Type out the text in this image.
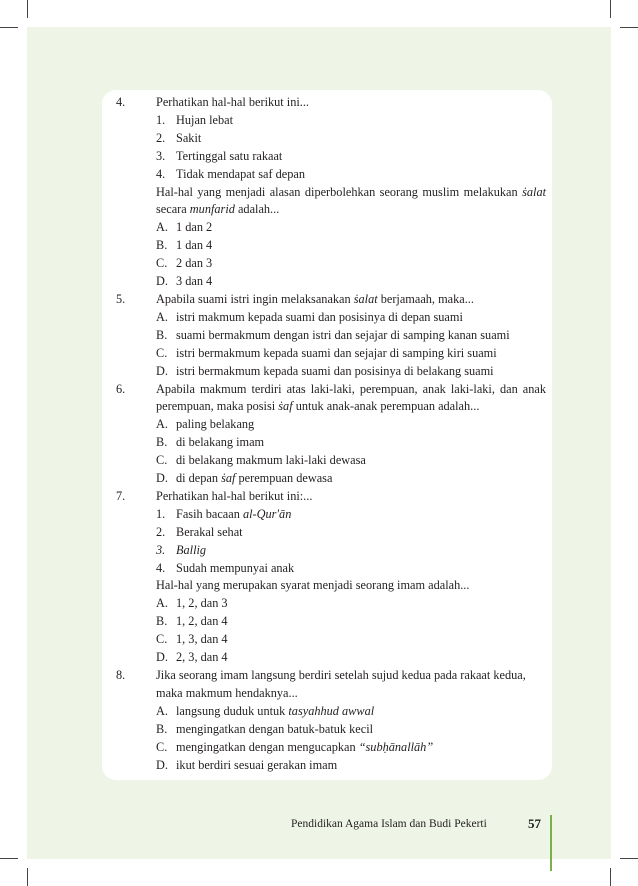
4.	Perhatikan hal-hal berikut ini...
1. Hujan lebat
2. Sakit
3. Tertinggal satu rakaat
4. Tidak mendapat saf depan
Hal-hal yang menjadi alasan diperbolehkan seorang muslim melakukan ṡalat secara munfarid adalah...
A. 1 dan 2
B. 1 dan 4
C. 2 dan 3
D. 3 dan 4
5.	Apabila suami istri ingin melaksanakan ṡalat berjamaah, maka...
A. istri makmum kepada suami dan posisinya di depan suami
B. suami bermakmum dengan istri dan sejajar di samping kanan suami
C. istri bermakmum kepada suami dan sejajar di samping kiri suami
D. istri bermakmum kepada suami dan posisinya di belakang suami
6.	Apabila makmum terdiri atas laki-laki, perempuan, anak laki-laki, dan anak perempuan, maka posisi ṡaf untuk anak-anak perempuan adalah...
A. paling belakang
B. di belakang imam
C. di belakang makmum laki-laki dewasa
D. di depan ṡaf perempuan dewasa
7.	Perhatikan hal-hal berikut ini:...
1. Fasih bacaan al-Qur'ān
2. Berakal sehat
3. Ballig
4. Sudah mempunyai anak
Hal-hal yang merupakan syarat menjadi seorang imam adalah...
A. 1, 2, dan 3
B. 1, 2, dan 4
C. 1, 3, dan 4
D. 2, 3, dan 4
8.	Jika seorang imam langsung berdiri setelah sujud kedua pada rakaat kedua,
maka makmum hendaknya...
A. langsung duduk untuk tasyahhud awwal
B. mengingatkan dengan batuk-batuk kecil
C. mengingatkan dengan mengucapkan “subḥānallāh”
D. ikut berdiri sesuai gerakan imam
Pendidikan Agama Islam dan Budi Pekerti	57
